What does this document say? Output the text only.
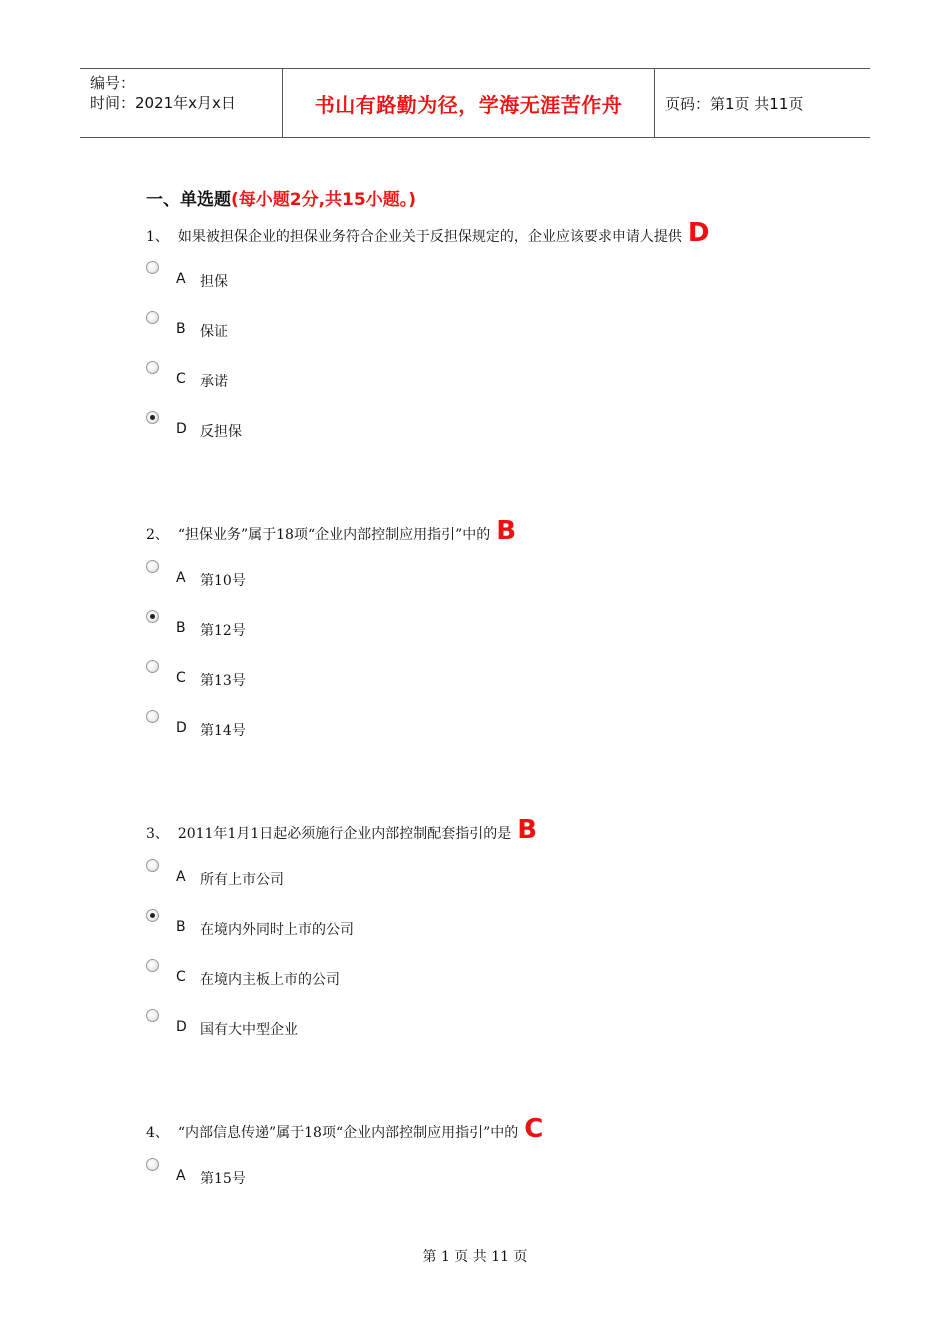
编号：
时间：2021年x月x日	书山有路勤为径，学海无涯苦作舟	页码：第1页 共11页
一、单选题(每小题2分,共15小题。)
1、 如果被担保企业的担保业务符合企业关于反担保规定的，企业应该要求申请人提供 D
A 担保
B 保证
C 承诺
D 反担保
2、 “担保业务”属于18项“企业内部控制应用指引”中的 B
A 第10号
B 第12号
C 第13号
D 第14号
3、 2011年1月1日起必须施行企业内部控制配套指引的是 B
A 所有上市公司
B 在境内外同时上市的公司
C 在境内主板上市的公司
D 国有大中型企业
4、 “内部信息传递”属于18项“企业内部控制应用指引”中的 C
A 第15号
第 1 页 共 11 页
